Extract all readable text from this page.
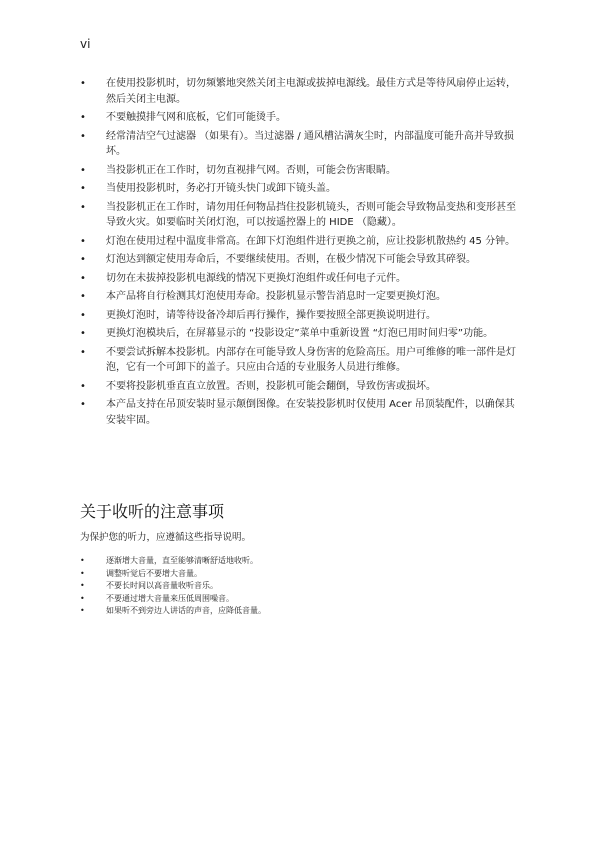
vi
• 在使用投影机时，切勿频繁地突然关闭主电源或拔掉电源线。最佳方式是等待风扇停止运转，然后关闭主电源。
• 不要触摸排气网和底板，它们可能烫手。
• 经常清洁空气过滤器 （如果有）。当过滤器 / 通风槽沾满灰尘时，内部温度可能升高并导致损坏。
• 当投影机正在工作时，切勿直视排气网。否则，可能会伤害眼睛。
• 当使用投影机时，务必打开镜头快门或卸下镜头盖。
• 当投影机正在工作时，请勿用任何物品挡住投影机镜头，否则可能会导致物品变热和变形甚至导致火灾。如要临时关闭灯泡，可以按遥控器上的 HIDE （隐藏）。
• 灯泡在使用过程中温度非常高。在卸下灯泡组件进行更换之前，应让投影机散热约 45 分钟。
• 灯泡达到额定使用寿命后，不要继续使用。否则，在极少情况下可能会导致其碎裂。
• 切勿在未拔掉投影机电源线的情况下更换灯泡组件或任何电子元件。
• 本产品将自行检测其灯泡使用寿命。投影机显示警告消息时一定要更换灯泡。
• 更换灯泡时，请等待设备冷却后再行操作，操作要按照全部更换说明进行。
• 更换灯泡模块后，在屏幕显示的 “投影设定”菜单中重新设置 “灯泡已用时间归零”功能。
• 不要尝试拆解本投影机。内部存在可能导致人身伤害的危险高压。用户可维修的唯一部件是灯泡，它有一个可卸下的盖子。只应由合适的专业服务人员进行维修。
• 不要将投影机垂直直立放置。否则，投影机可能会翻倒，导致伤害或损坏。
• 本产品支持在吊顶安装时显示颠倒图像。在安装投影机时仅使用 Acer 吊顶装配件，以确保其安装牢固。
关于收听的注意事项

为保护您的听力，应遵循这些指导说明。

•	逐渐增大音量，直至能够清晰舒适地收听。
•	调整听觉后不要增大音量。
•	不要长时间以高音量收听音乐。
•	不要通过增大音量来压低周围噪音。
•	如果听不到旁边人讲话的声音，应降低音量。
